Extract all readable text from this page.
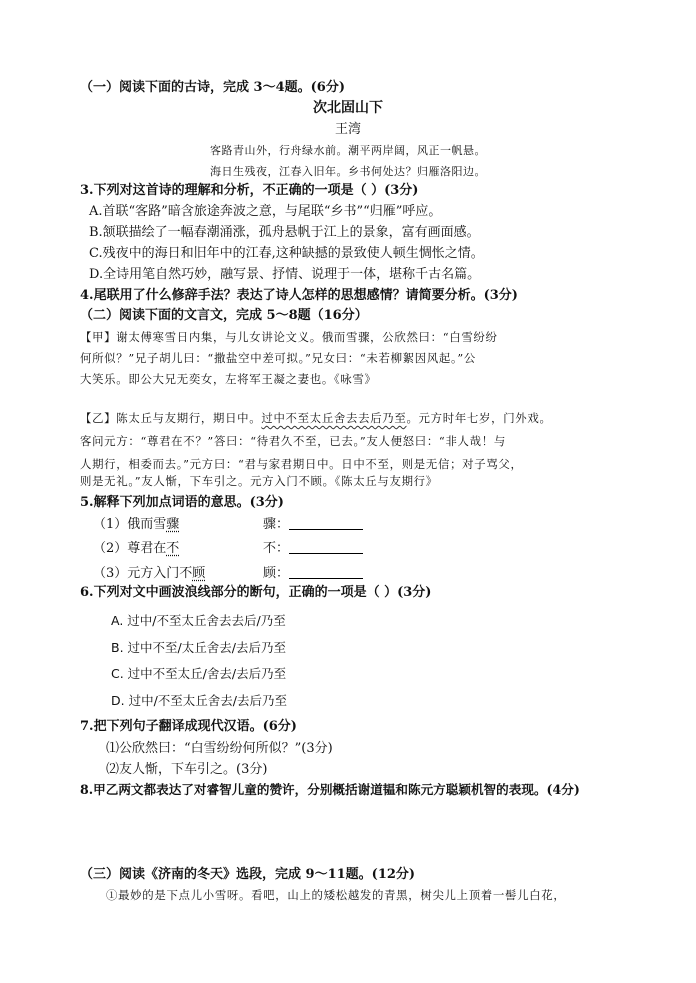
（一）阅读下面的古诗，完成 3～4题。(6分)
次北固山下
王湾
客路青山外，行舟绿水前。潮平两岸阔，风正一帆悬。
海日生残夜，江春入旧年。乡书何处达？归雁洛阳边。
3.下列对这首诗的理解和分析，不正确的一项是（ ）(3分)
A.首联“客路”暗含旅途奔波之意，与尾联“乡书”“归雁”呼应。
B.颔联描绘了一幅春潮涌涨，孤舟悬帆于江上的景象，富有画面感。
C.残夜中的海日和旧年中的江春,这种缺撼的景致使人顿生惆怅之情。
D.全诗用笔自然巧妙，融写景、抒情、说理于一体，堪称千古名篇。
4.尾联用了什么修辞手法？表达了诗人怎样的思想感情？请简要分析。(3分)
（二）阅读下面的文言文，完成 5～8题（16分）
【甲】谢太傅寒雪日内集，与儿女讲论文义。俄而雪骤，公欣然曰：“白雪纷纷
何所似？”兄子胡儿曰：“撒盐空中差可拟。”兄女曰：“未若柳絮因风起。”公
大笑乐。即公大兄无奕女，左将军王凝之妻也。《咏雪》
【乙】陈太丘与友期行，期日中。过中不至太丘舍去去后乃至。元方时年七岁，门外戏。
客问元方：“尊君在不？”答曰：“待君久不至，已去。”友人便怒曰：“非人哉！与
人期行，相委而去。”元方曰：“君与家君期日中。日中不至，则是无信；对子骂父，
则是无礼。”友人惭，下车引之。元方入门不顾。《陈太丘与友期行》
5.解释下列加点词语的意思。(3分)
（1）俄而雪骤	骤：
（2）尊君在不	不：
（3）元方入门不顾	顾：
6.下列对文中画波浪线部分的断句，正确的一项是（ ）(3分)
A. 过中/不至太丘舍去去后/乃至
B. 过中不至/太丘舍去/去后乃至
C. 过中不至太丘/舍去/去后乃至
D. 过中/不至太丘舍去/去后乃至
7.把下列句子翻译成现代汉语。(6分)
⑴公欣然曰：“白雪纷纷何所似？”(3分)
⑵友人惭，下车引之。(3分)
8.甲乙两文都表达了对睿智儿童的赞许，分别概括谢道韫和陈元方聪颖机智的表现。(4分)
（三）阅读《济南的冬天》选段，完成 9～11题。(12分)
①最妙的是下点儿小雪呀。看吧，山上的矮松越发的青黑，树尖儿上顶着一髻儿白花，
